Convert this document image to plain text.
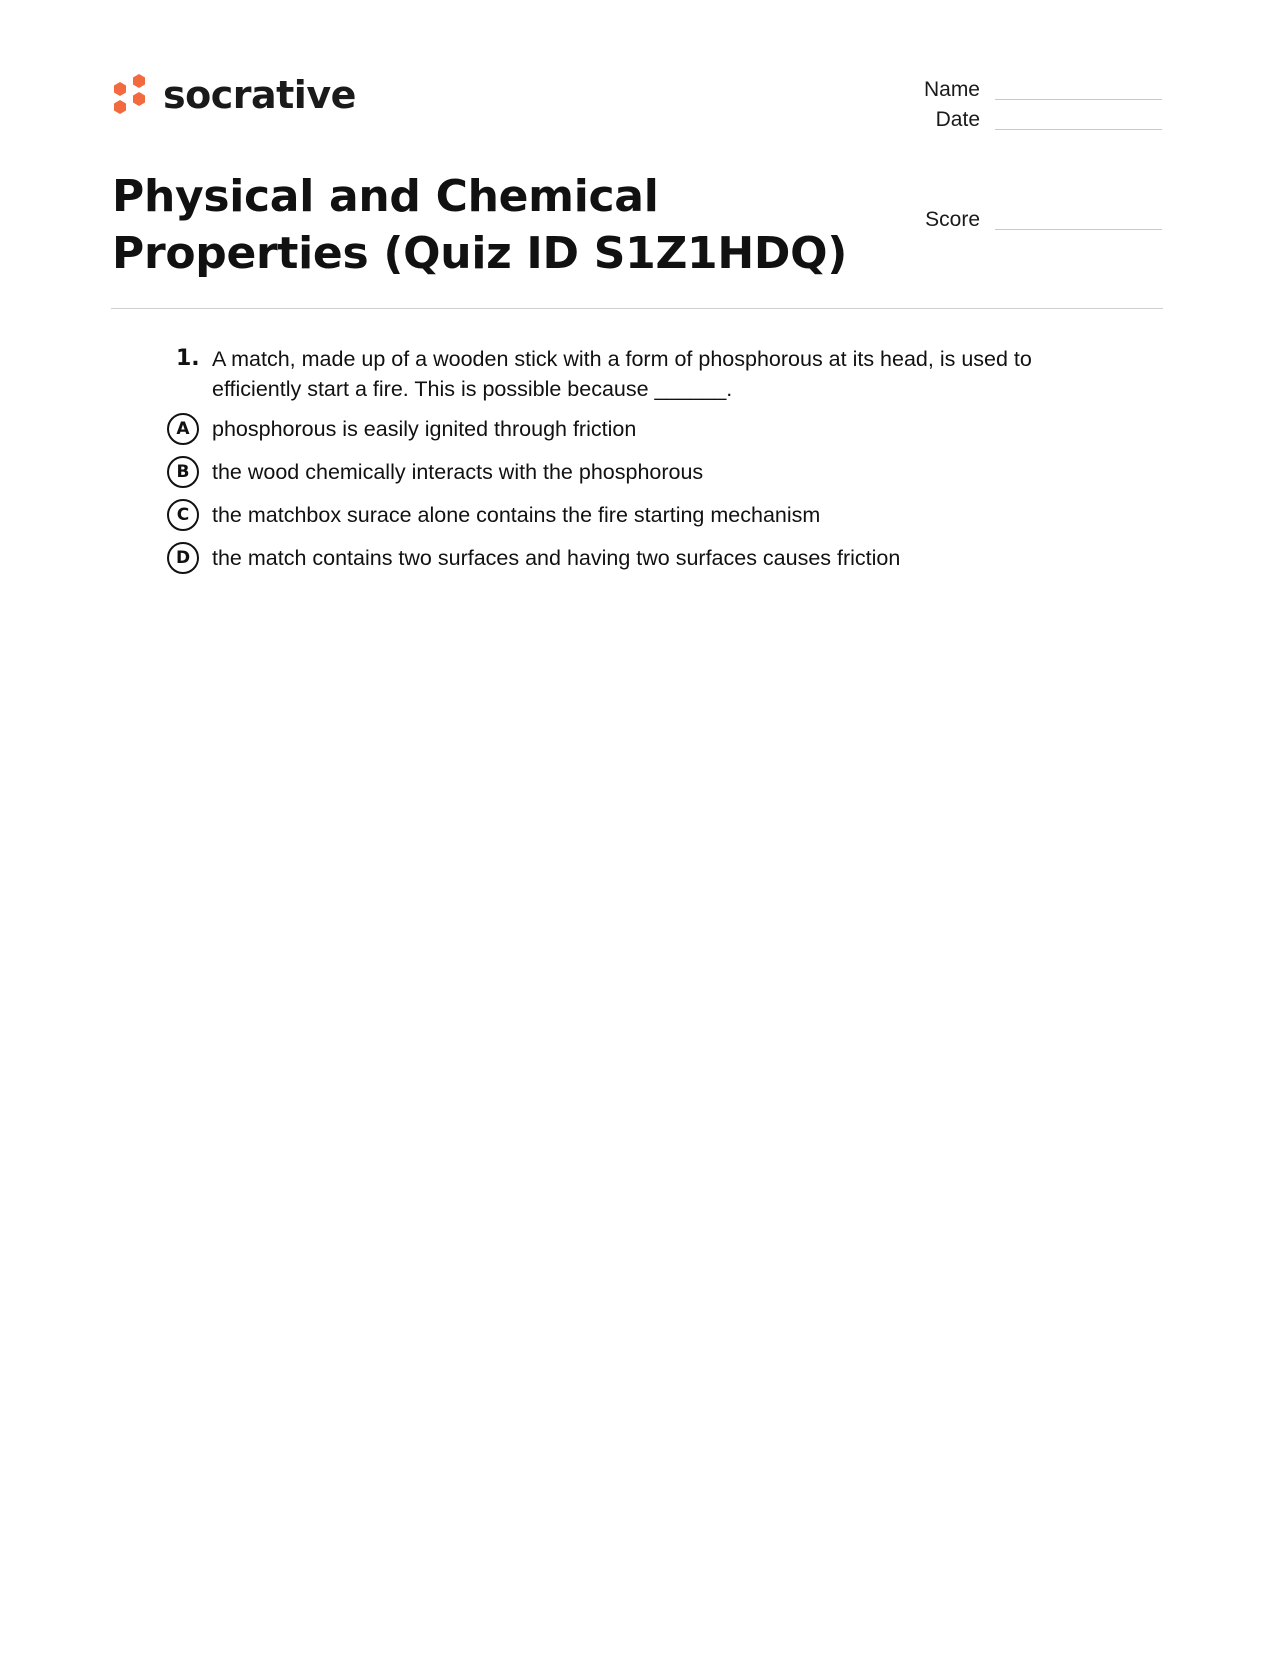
socrative
Physical and Chemical Properties (Quiz ID S1Z1HDQ)
Name
Date
Score
1. A match, made up of a wooden stick with a form of phosphorous at its head, is used to efficiently start a fire. This is possible because ______.
A	phosphorous is easily ignited through friction
B	the wood chemically interacts with the phosphorous
C	the matchbox surace alone contains the fire starting mechanism
D	the match contains two surfaces and having two surfaces causes friction
